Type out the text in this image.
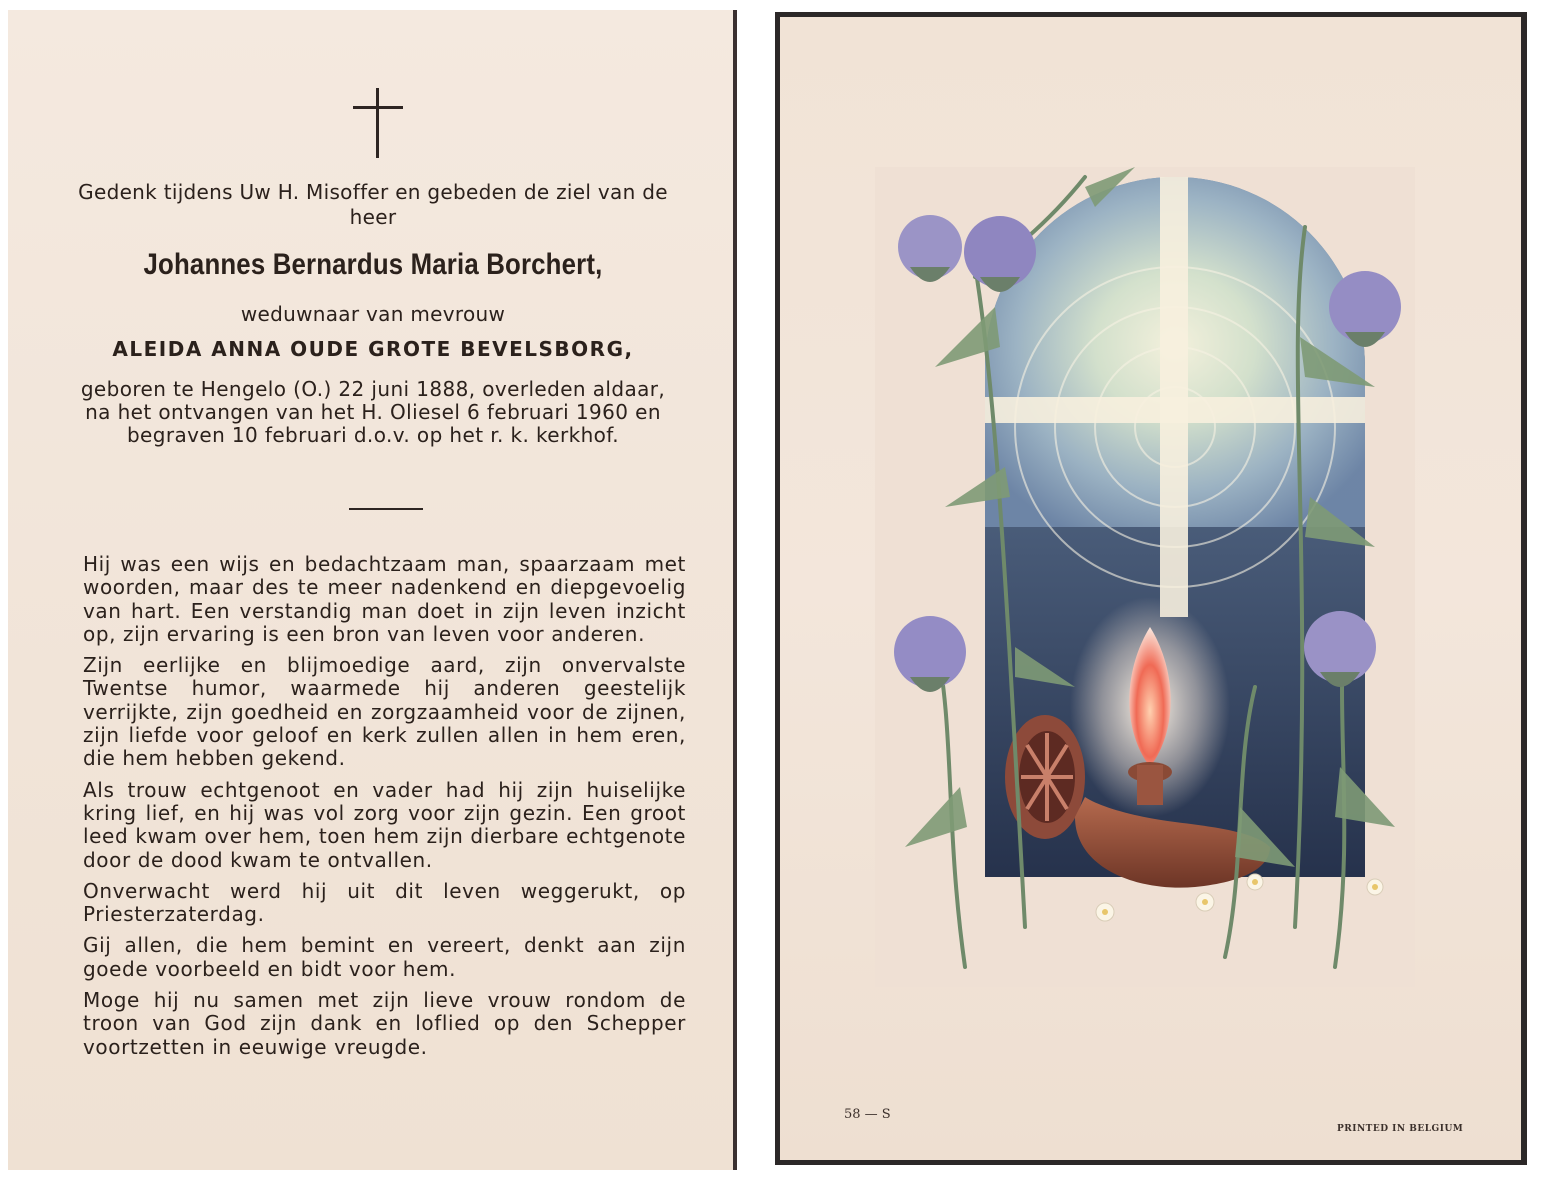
Gedenk tijdens Uw H. Misoffer en gebeden de ziel van de heer
Johannes Bernardus Maria Borchert,
weduwnaar van mevrouw
ALEIDA ANNA OUDE GROTE BEVELSBORG,
geboren te Hengelo (O.) 22 juni 1888, overleden aldaar, na het ontvangen van het H. Oliesel 6 februari 1960 en begraven 10 februari d.o.v. op het r. k. kerkhof.

Hij was een wijs en bedachtzaam man, spaarzaam met woorden, maar des te meer nadenkend en diepgevoelig van hart. Een verstandig man doet in zijn leven inzicht op, zijn ervaring is een bron van leven voor anderen.

Zijn eerlijke en blijmoedige aard, zijn onvervalste Twentse humor, waarmede hij anderen geestelijk verrijkte, zijn goedheid en zorgzaamheid voor de zijnen, zijn liefde voor geloof en kerk zullen allen in hem eren, die hem hebben gekend.

Als trouw echtgenoot en vader had hij zijn huiselijke kring lief, en hij was vol zorg voor zijn gezin. Een groot leed kwam over hem, toen hem zijn dierbare echtgenote door de dood kwam te ontvallen.

Onverwacht werd hij uit dit leven weggerukt, op Priesterzaterdag.

Gij allen, die hem bemint en vereert, denkt aan zijn goede voorbeeld en bidt voor hem.

Moge hij nu samen met zijn lieve vrouw rondom de troon van God zijn dank en loflied op den Schepper voortzetten in eeuwige vreugde.

58 — S
PRINTED IN BELGIUM
